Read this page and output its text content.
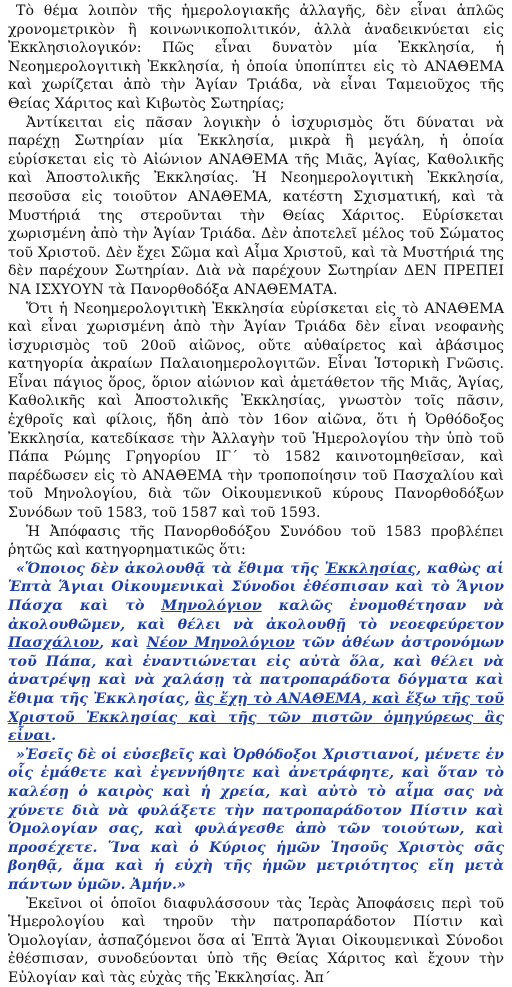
Τὸ θέμα λοιπὸν τῆς ἡμερολογιακῆς ἀλλαγῆς, δὲν εἶναι ἁπλῶς χρονομετρικὸν ἢ κοινωνικοπολιτικόν, ἀλλὰ ἀναδεικνύεται εἰς Ἐκκλησιολογικόν: Πῶς εἶναι δυνατὸν μία Ἐκκλησία, ἡ Νεοημερολογιτικὴ Ἐκκλησία, ἡ ὁποία ὑποπίπτει εἰς τὸ ΑΝΑΘΕΜΑ καὶ χωρίζεται ἀπὸ τὴν Ἁγίαν Τριάδα, νὰ εἶναι Ταμειοῦχος τῆς Θείας Χάριτος καὶ Κιβωτὸς Σωτηρίας;

Ἀντίκειται εἰς πᾶσαν λογικὴν ὁ ἰσχυρισμὸς ὅτι δύναται νὰ παρέχῃ Σωτηρίαν μία Ἐκκλησία, μικρὰ ἢ μεγάλη, ἡ ὁποία εὑρίσκεται εἰς τὸ Αἰώνιον ΑΝΑΘΕΜΑ τῆς Μιᾶς, Ἁγίας, Καθολικῆς καὶ Ἀποστολικῆς Ἐκκλησίας. Ἡ Νεοημερολογιτικὴ Ἐκκλησία, πεσοῦσα εἰς τοιοῦτον ΑΝΑΘΕΜΑ, κατέστη Σχισματική, καὶ τὰ Μυστήριά της στεροῦνται τὴν Θείας Χάριτος. Εὑρίσκεται χωρισμένη ἀπὸ τὴν Ἁγίαν Τριάδα. Δὲν ἀποτελεῖ μέλος τοῦ Σώματος τοῦ Χριστοῦ. Δὲν ἔχει Σῶμα καὶ Αἷμα Χριστοῦ, καὶ τὰ Μυστήριά της δὲν παρέχουν Σωτηρίαν. Διὰ νὰ παρέχουν Σωτηρίαν ΔΕΝ ΠΡΕΠΕΙ ΝΑ ΙΣΧΥΟΥΝ τὰ Πανορθοδόξα ΑΝΑΘΕΜΑΤΑ.

Ὅτι ἡ Νεοημερολογιτικὴ Ἐκκλησία εὑρίσκεται εἰς τὸ ΑΝΑΘΕΜΑ καὶ εἶναι χωρισμένη ἀπὸ τὴν Ἁγίαν Τριάδα δὲν εἶναι νεοφανὴς ἰσχυρισμὸς τοῦ 20οῦ αἰῶνος, οὔτε αὐθαίρετος καὶ ἀβάσιμος κατηγορία ἀκραίων Παλαιοημερολογιτῶν. Εἶναι Ἱστορικὴ Γνῶσις. Εἶναι πάγιος ὅρος, ὅριον αἰώνιον καὶ ἀμετάθετον τῆς Μιᾶς, Ἁγίας, Καθολικῆς καὶ Ἀποστολικῆς Ἐκκλησίας, γνωστὸν τοῖς πᾶσιν, ἐχθροῖς καὶ φίλοις, ἤδη ἀπὸ τὸν 16ον αἰῶνα, ὅτι ἡ Ὀρθόδοξος Ἐκκλησία, κατεδίκασε τὴν Ἀλλαγὴν τοῦ Ἡμερολογίου τὴν ὑπὸ τοῦ Πάπα Ρώμης Γρηγορίου ΙΓ΄ τὸ 1582 καινοτομηθεῖσαν, καὶ παρέδωσεν εἰς τὸ ΑΝΑΘΕΜΑ τὴν τροποποίησιν τοῦ Πασχαλίου καὶ τοῦ Μηνολογίου, διὰ τῶν Οἰκουμενικοῦ κύρους Πανορθοδόξων Συνόδων τοῦ 1583, τοῦ 1587 καὶ τοῦ 1593.

Ἡ Ἀπόφασις τῆς Πανορθοδόξου Συνόδου τοῦ 1583 προβλέπει ῥητῶς καὶ κατηγορηματικῶς ὅτι:

«Ὅποιος δὲν ἀκολουθᾷ τὰ ἔθιμα τῆς Ἐκκλησίας, καθὼς αἱ Ἑπτὰ Ἅγιαι Οἰκουμενικαὶ Σύνοδοι ἐθέσπισαν καὶ τὸ Ἅγιον Πάσχα καὶ τὸ Μηνολόγιον καλῶς ἐνομοθέτησαν νὰ ἀκολουθῶμεν, καὶ θέλει νὰ ἀκολουθῇ τὸ νεοεφεύρετον Πασχάλιον, καὶ Νέον Μηνολόγιον τῶν ἀθέων ἀστρονόμων τοῦ Πάπα, καὶ ἐναντιώνεται εἰς αὐτὰ ὅλα, καὶ θέλει νὰ ἀνατρέψῃ καὶ νὰ χαλάσῃ τὰ πατροπαράδοτα δόγματα καὶ ἔθιμα τῆς Ἐκκλησίας, ἂς ἔχῃ τὸ ΑΝΑΘΕΜΑ, καὶ ἔξω τῆς τοῦ Χριστοῦ Ἐκκλησίας καὶ τῆς τῶν πιστῶν ὁμηγύρεως ἂς εἶναι.

»Ἐσεῖς δὲ οἱ εὐσεβεῖς καὶ Ὀρθόδοξοι Χριστιανοί, μένετε ἐν οἷς ἐμάθετε καὶ ἐγεννήθητε καὶ ἀνετράφητε, καὶ ὅταν τὸ καλέσῃ ὁ καιρὸς καὶ ἡ χρεία, καὶ αὐτὸ τὸ αἷμα σας νὰ χύνετε διὰ νὰ φυλάξετε τὴν πατροπαράδοτον Πίστιν καὶ Ὁμολογίαν σας, καὶ φυλάγεσθε ἀπὸ τῶν τοιούτων, καὶ προσέχετε. Ἵνα καὶ ὁ Κύριος ἡμῶν Ἰησοῦς Χριστὸς σᾶς βοηθᾷ, ἅμα καὶ ἡ εὐχὴ τῆς ἡμῶν μετριότητος εἴη μετὰ πάντων ὑμῶν. Ἀμήν.»

Ἐκεῖνοι οἱ ὁποῖοι διαφυλάσσουν τὰς Ἱερὰς Ἀποφάσεις περὶ τοῦ Ἡμερολογίου καὶ τηροῦν τὴν πατροπαράδοτον Πίστιν καὶ Ὁμολογίαν, ἀσπαζόμενοι ὅσα αἱ Ἑπτὰ Ἅγιαι Οἰκουμενικαὶ Σύνοδοι ἐθέσπισαν, συνοδεύονται ὑπὸ τῆς Θείας Χάριτος καὶ ἔχουν τὴν Εὐλογίαν καὶ τὰς εὐχὰς τῆς Ἐκκλησίας. Ἀπ΄
